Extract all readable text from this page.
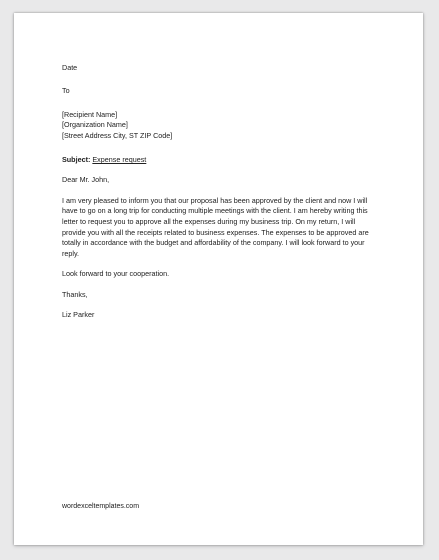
Date

To

[Recipient Name]

[Organization Name]

[Street Address City, ST ZIP Code]

Subject: Expense request

Dear Mr. John,

I am very pleased to inform you that our proposal has been approved by the client and now I will have to go on a long trip for conducting multiple meetings with the client. I am hereby writing this letter to request you to approve all the expenses during my business trip. On my return, I will provide you with all the receipts related to business expenses. The expenses to be approved are totally in accordance with the budget and affordability of the company. I will look forward to your reply.

Look forward to your cooperation.

Thanks,

Liz Parker

wordexceltemplates.com
